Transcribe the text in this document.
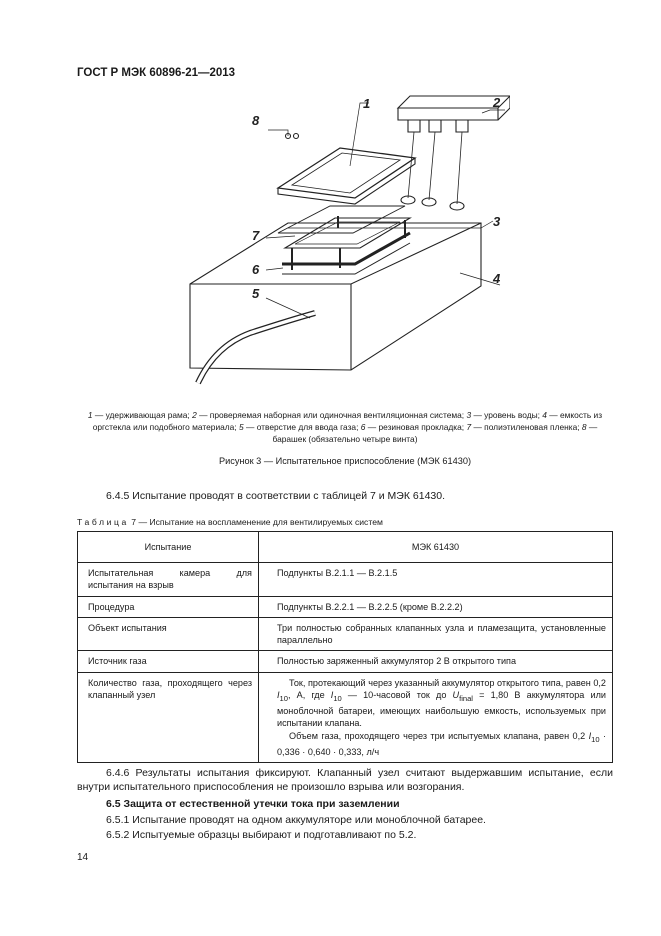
ГОСТ Р МЭК 60896-21—2013
1	2
3
4
5
6
7
8
1 — удерживающая рама; 2 — проверяемая наборная или одиночная вентиляционная система; 3 — уровень воды; 4 — емкость из оргстекла или подобного материала; 5 — отверстие для ввода газа; 6 — резиновая прокладка; 7 — полиэтиленовая пленка; 8 — барашек (обязательно четыре винта)
Рисунок 3 — Испытательное приспособление (МЭК 61430)
6.4.5 Испытание проводят в соответствии с таблицей 7 и МЭК 61430.
Таблица 7 — Испытание на воспламенение для вентилируемых систем
Испытание	МЭК 61430
Испытательная камера для испытания на взрыв	Подпункты В.2.1.1 — В.2.1.5
Процедура	Подпункты В.2.2.1 — В.2.2.5 (кроме В.2.2.2)
Объект испытания	Три полностью собранных клапанных узла и пламезащита, установленные параллельно
Источник газа	Полностью заряженный аккумулятор 2 В открытого типа
Количество газа, проходящего через клапанный узел	Ток, протекающий через указанный аккумулятор открытого типа, равен 0,2 $I_{10}$, А, где $I_{10}$ — 10-часовой ток до $U_{final} = 1,80$ В аккумулятора или моноблочной батареи, имеющих наибольшую емкость, используемых при испытании клапана.
Объем газа, проходящего через три испытуемых клапана, равен 0,2 $I_{10} \cdot 0,336 \cdot 0,640 \cdot 0,333$, л/ч
6.4.6 Результаты испытания фиксируют. Клапанный узел считают выдержавшим испытание, если внутри испытательного приспособления не произошло взрыва или возгорания.
6.5 Защита от естественной утечки тока при заземлении
6.5.1 Испытание проводят на одном аккумуляторе или моноблочной батарее.
6.5.2 Испытуемые образцы выбирают и подготавливают по 5.2.
14
